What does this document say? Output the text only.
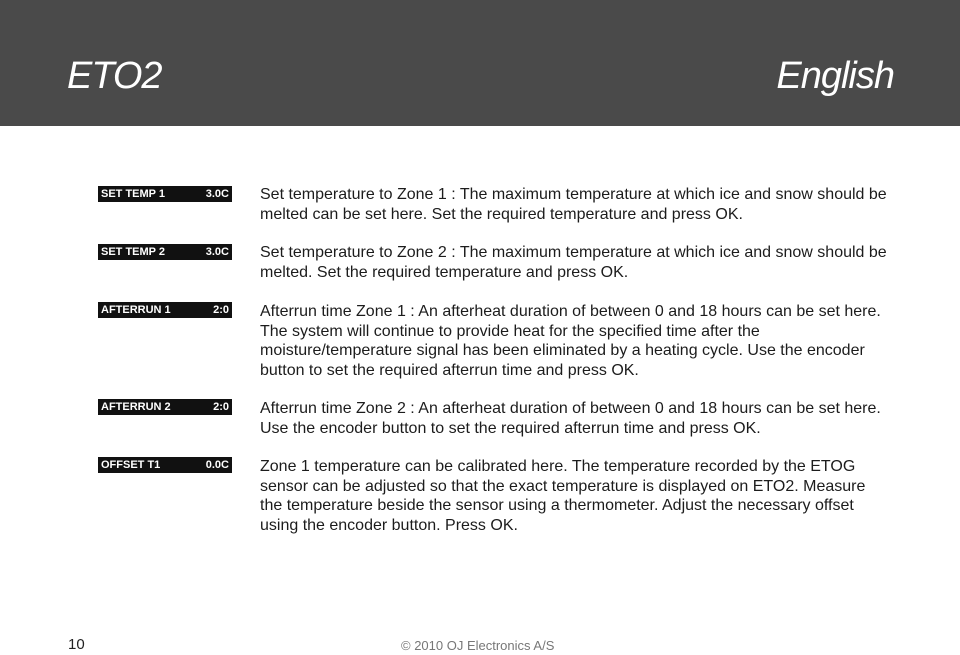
ETO2	English
SET TEMP 1	3.0C Set temperature to Zone 1 : The maximum temperature at which ice and snow should be melted can be set here. Set the required temperature and press OK.
SET TEMP 2	3.0C Set temperature to Zone 2 : The maximum temperature at which ice and snow should be melted. Set the required temperature and press OK.
AFTERRUN 1	2:0 Afterrun time Zone 1 : An afterheat duration of between 0 and 18 hours can be set here. The system will continue to provide heat for the specified time after the moisture/temperature signal has been eliminated by a heating cycle. Use the encoder button to set the required afterrun time and press OK.
AFTERRUN 2	2:0 Afterrun time Zone 2 : An afterheat duration of between 0 and 18 hours can be set here. Use the encoder button to set the required afterrun time and press OK.
OFFSET T1	0.0C Zone 1 temperature can be calibrated here. The temperature recorded by the ETOG sensor can be adjusted so that the exact temperature is displayed on ETO2. Measure the temperature beside the sensor using a thermometer. Adjust the necessary offset using the encoder button. Press OK.
10	© 2010 OJ Electronics A/S
